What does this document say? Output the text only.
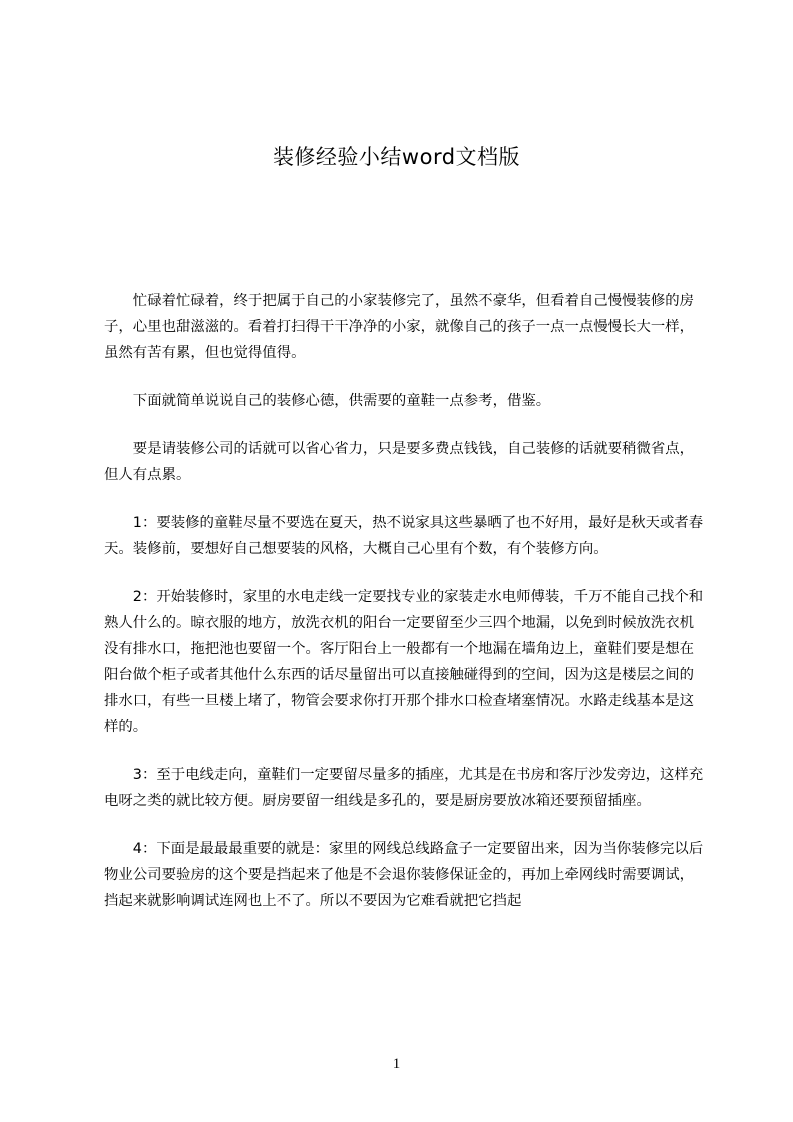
装修经验小结word文档版

忙碌着忙碌着，终于把属于自己的小家装修完了，虽然不豪华，但看着自己慢慢装修的房子，心里也甜滋滋的。看着打扫得干干净净的小家，就像自己的孩子一点一点慢慢长大一样，虽然有苦有累，但也觉得值得。

下面就简单说说自己的装修心德，供需要的童鞋一点参考，借鉴。

要是请装修公司的话就可以省心省力，只是要多费点钱钱，自己装修的话就要稍微省点，但人有点累。

1：要装修的童鞋尽量不要选在夏天，热不说家具这些暴晒了也不好用，最好是秋天或者春天。装修前，要想好自己想要装的风格，大概自己心里有个数，有个装修方向。

2：开始装修时，家里的水电走线一定要找专业的家装走水电师傅装，千万不能自己找个和熟人什么的。晾衣服的地方，放洗衣机的阳台一定要留至少三四个地漏，以免到时候放洗衣机没有排水口，拖把池也要留一个。客厅阳台上一般都有一个地漏在墙角边上，童鞋们要是想在阳台做个柜子或者其他什么东西的话尽量留出可以直接触碰得到的空间，因为这是楼层之间的排水口，有些一旦楼上堵了，物管会要求你打开那个排水口检查堵塞情况。水路走线基本是这样的。

3：至于电线走向，童鞋们一定要留尽量多的插座，尤其是在书房和客厅沙发旁边，这样充电呀之类的就比较方便。厨房要留一组线是多孔的，要是厨房要放冰箱还要预留插座。

4：下面是最最最重要的就是：家里的网线总线路盒子一定要留出来，因为当你装修完以后物业公司要验房的这个要是挡起来了他是不会退你装修保证金的，再加上牵网线时需要调试，挡起来就影响调试连网也上不了。所以不要因为它难看就把它挡起

1
